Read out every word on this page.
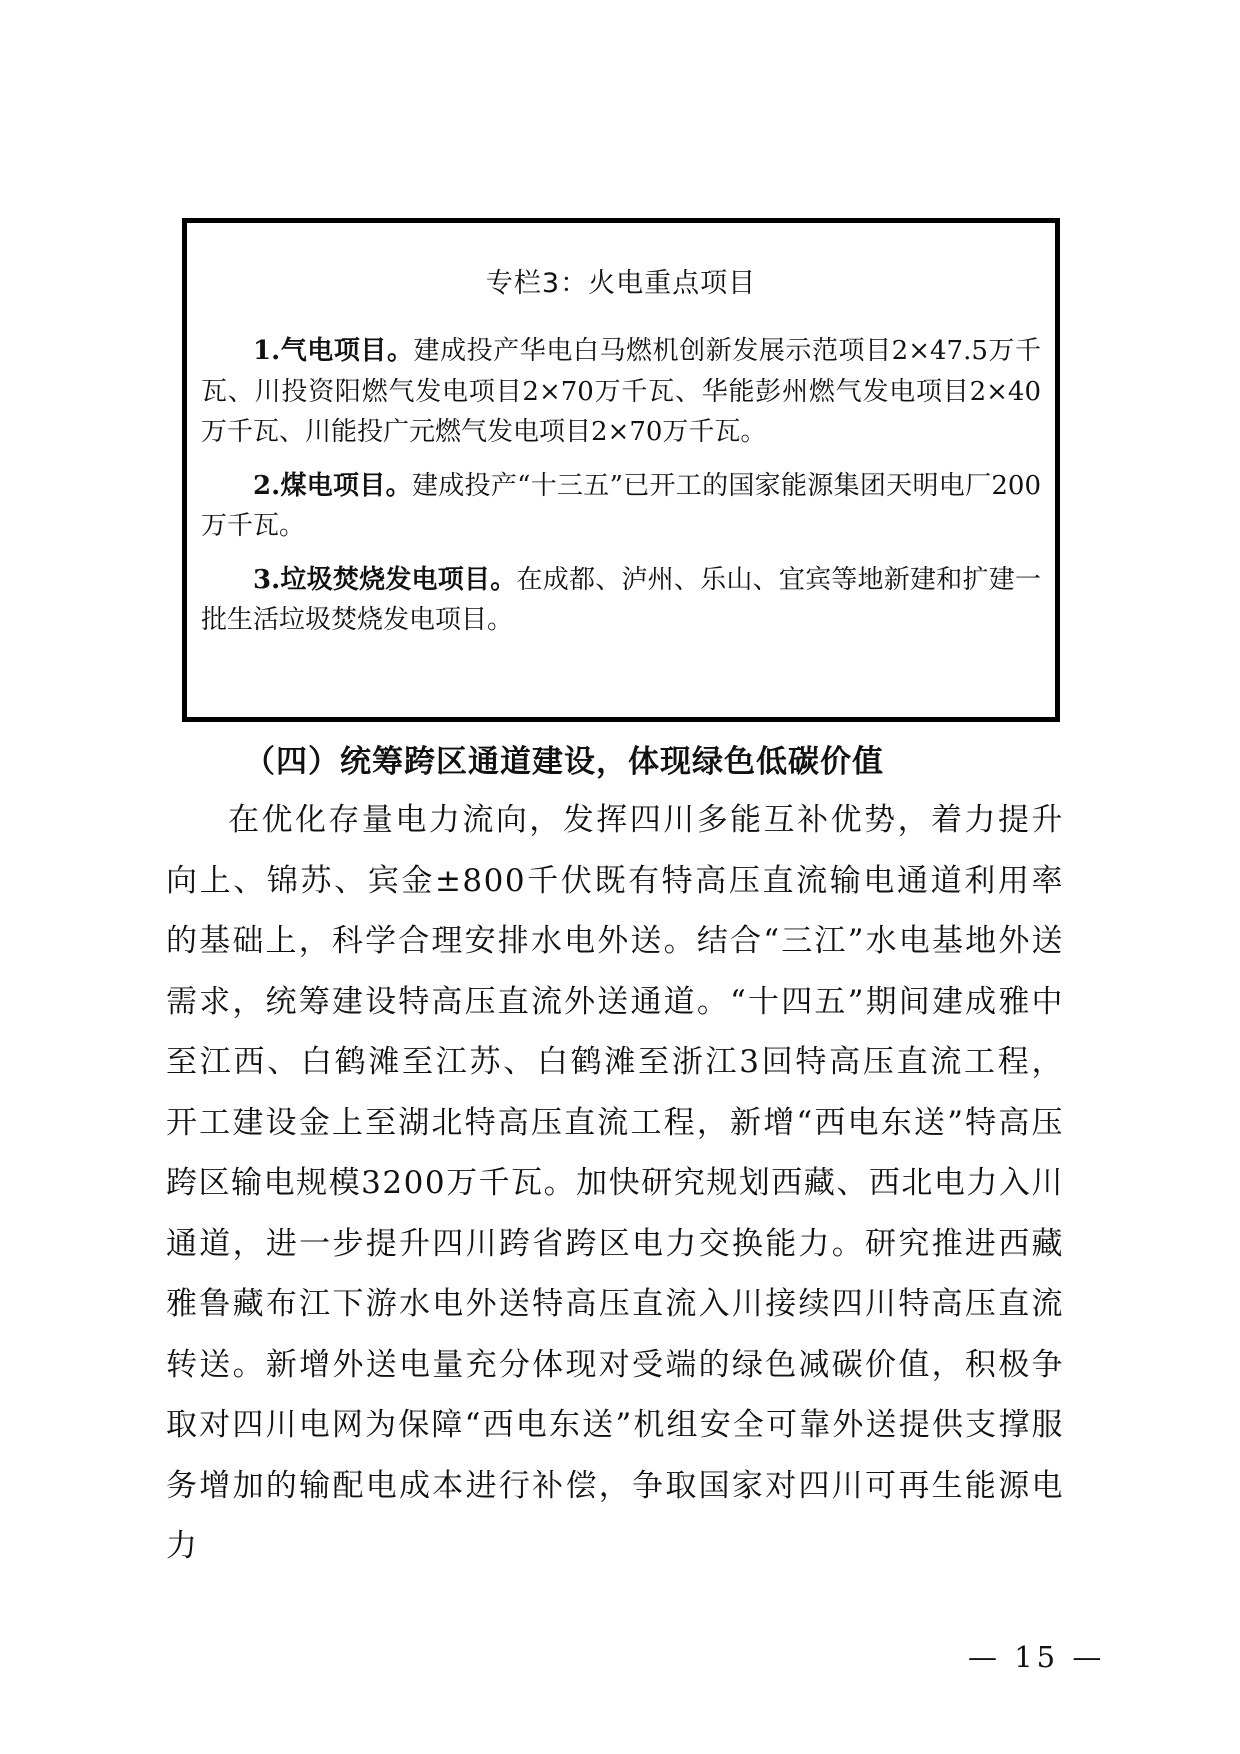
专栏3：火电重点项目

1.气电项目。建成投产华电白马燃机创新发展示范项目2×47.5万千瓦、川投资阳燃气发电项目2×70万千瓦、华能彭州燃气发电项目2×40万千瓦、川能投广元燃气发电项目2×70万千瓦。

2.煤电项目。建成投产“十三五”已开工的国家能源集团天明电厂200万千瓦。

3.垃圾焚烧发电项目。在成都、泸州、乐山、宜宾等地新建和扩建一批生活垃圾焚烧发电项目。

（四）统筹跨区通道建设，体现绿色低碳价值

在优化存量电力流向，发挥四川多能互补优势，着力提升向上、锦苏、宾金±800千伏既有特高压直流输电通道利用率的基础上，科学合理安排水电外送。结合“三江”水电基地外送需求，统筹建设特高压直流外送通道。“十四五”期间建成雅中至江西、白鹤滩至江苏、白鹤滩至浙江3回特高压直流工程，开工建设金上至湖北特高压直流工程，新增“西电东送”特高压跨区输电规模3200万千瓦。加快研究规划西藏、西北电力入川通道，进一步提升四川跨省跨区电力交换能力。研究推进西藏雅鲁藏布江下游水电外送特高压直流入川接续四川特高压直流转送。新增外送电量充分体现对受端的绿色减碳价值，积极争取对四川电网为保障“西电东送”机组安全可靠外送提供支撑服务增加的输配电成本进行补偿，争取国家对四川可再生能源电力

— 15 —
